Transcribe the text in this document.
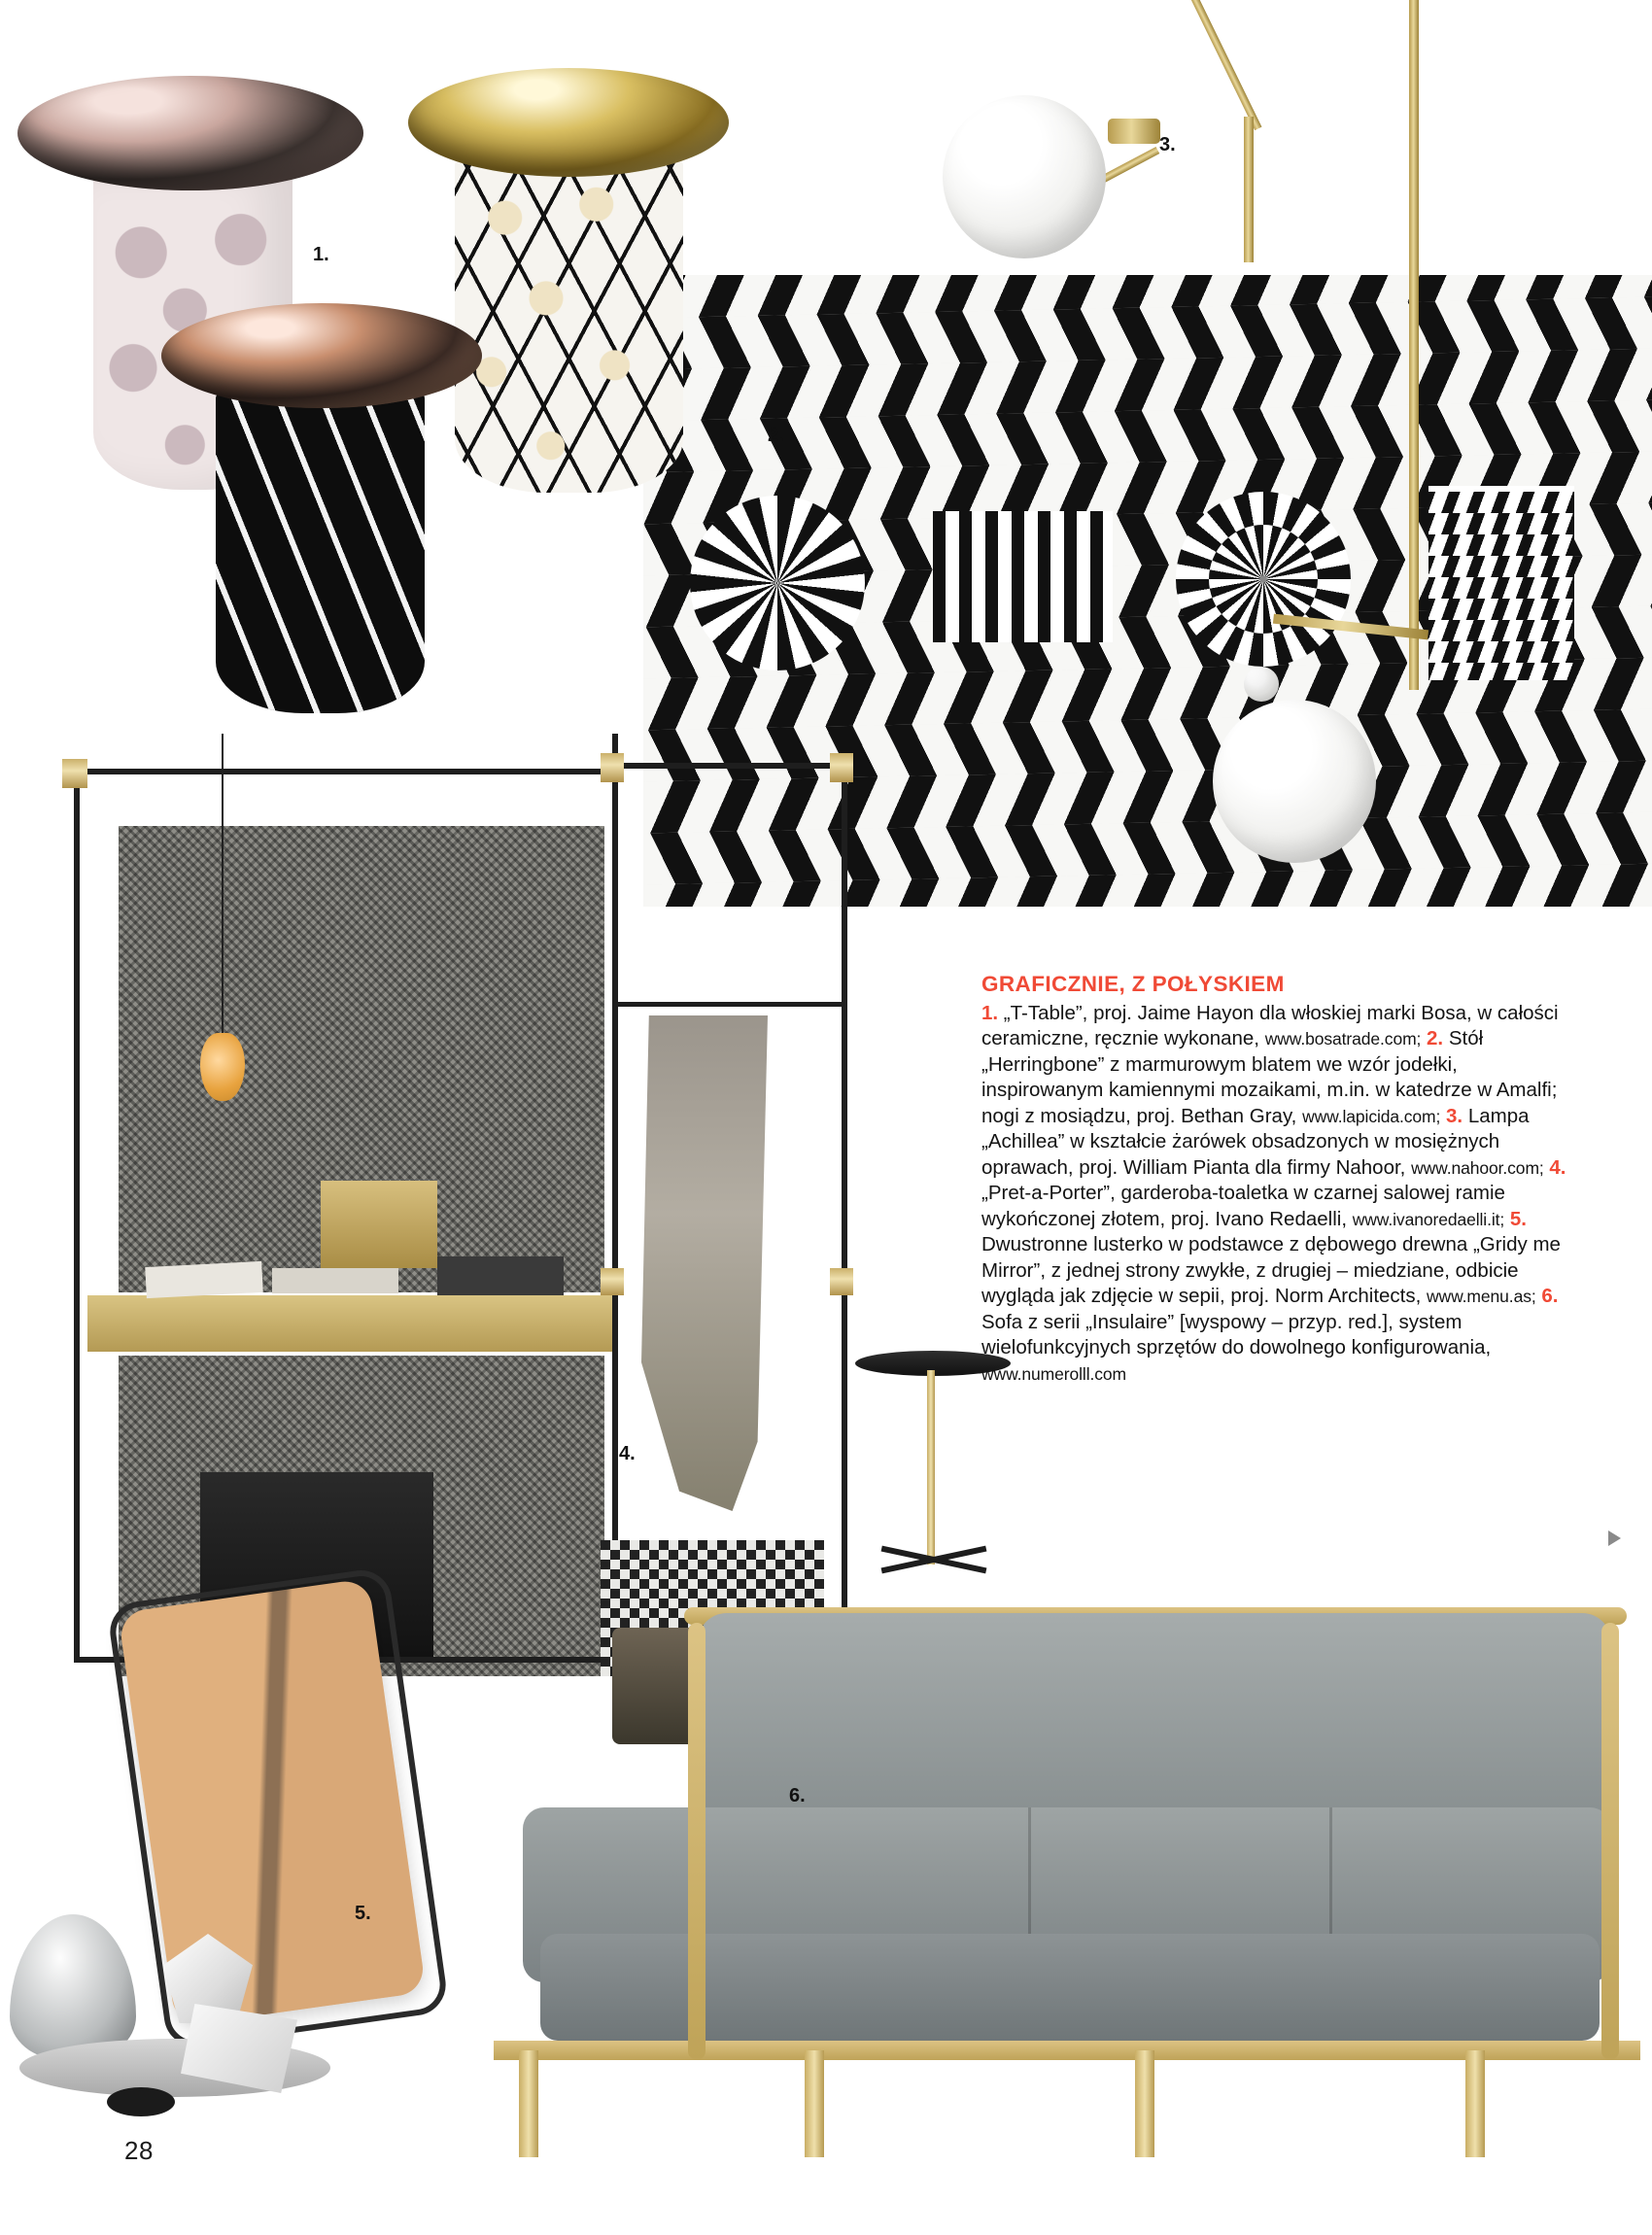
1.
2.
3.
4.
5.
6.
GRAFICZNIE, Z POŁYSKIEM
1. „T-Table”, proj. Jaime Hayon dla włoskiej marki Bosa, w całości ceramiczne, ręcznie wykonane, www.bosatrade.com; 2. Stół „Herringbone” z marmurowym blatem we wzór jodełki, inspirowanym kamiennymi mozaikami, m.in. w katedrze w Amalfi; nogi z mosiądzu, proj. Bethan Gray, www.lapicida.com; 3. Lampa „Achillea” w kształcie żarówek obsadzonych w mosiężnych oprawach, proj. William Pianta dla firmy Nahoor, www.nahoor.com; 4. „Pret-a-Porter”, garderoba-toaletka w czarnej salowej ramie wykończonej złotem, proj. Ivano Redaelli, www.ivanoredaelli.it; 5. Dwustronne lusterko w podstawce z dębowego drewna „Gridy me Mirror”, z jednej strony zwykłe, z drugiej – miedziane, odbicie wygląda jak zdjęcie w sepii, proj. Norm Architects, www.menu.as; 6. Sofa z serii „Insulaire” [wyspowy – przyp. red.], system wielofunkcyjnych sprzętów do dowolnego konfigurowania, www.numerolll.com
28
